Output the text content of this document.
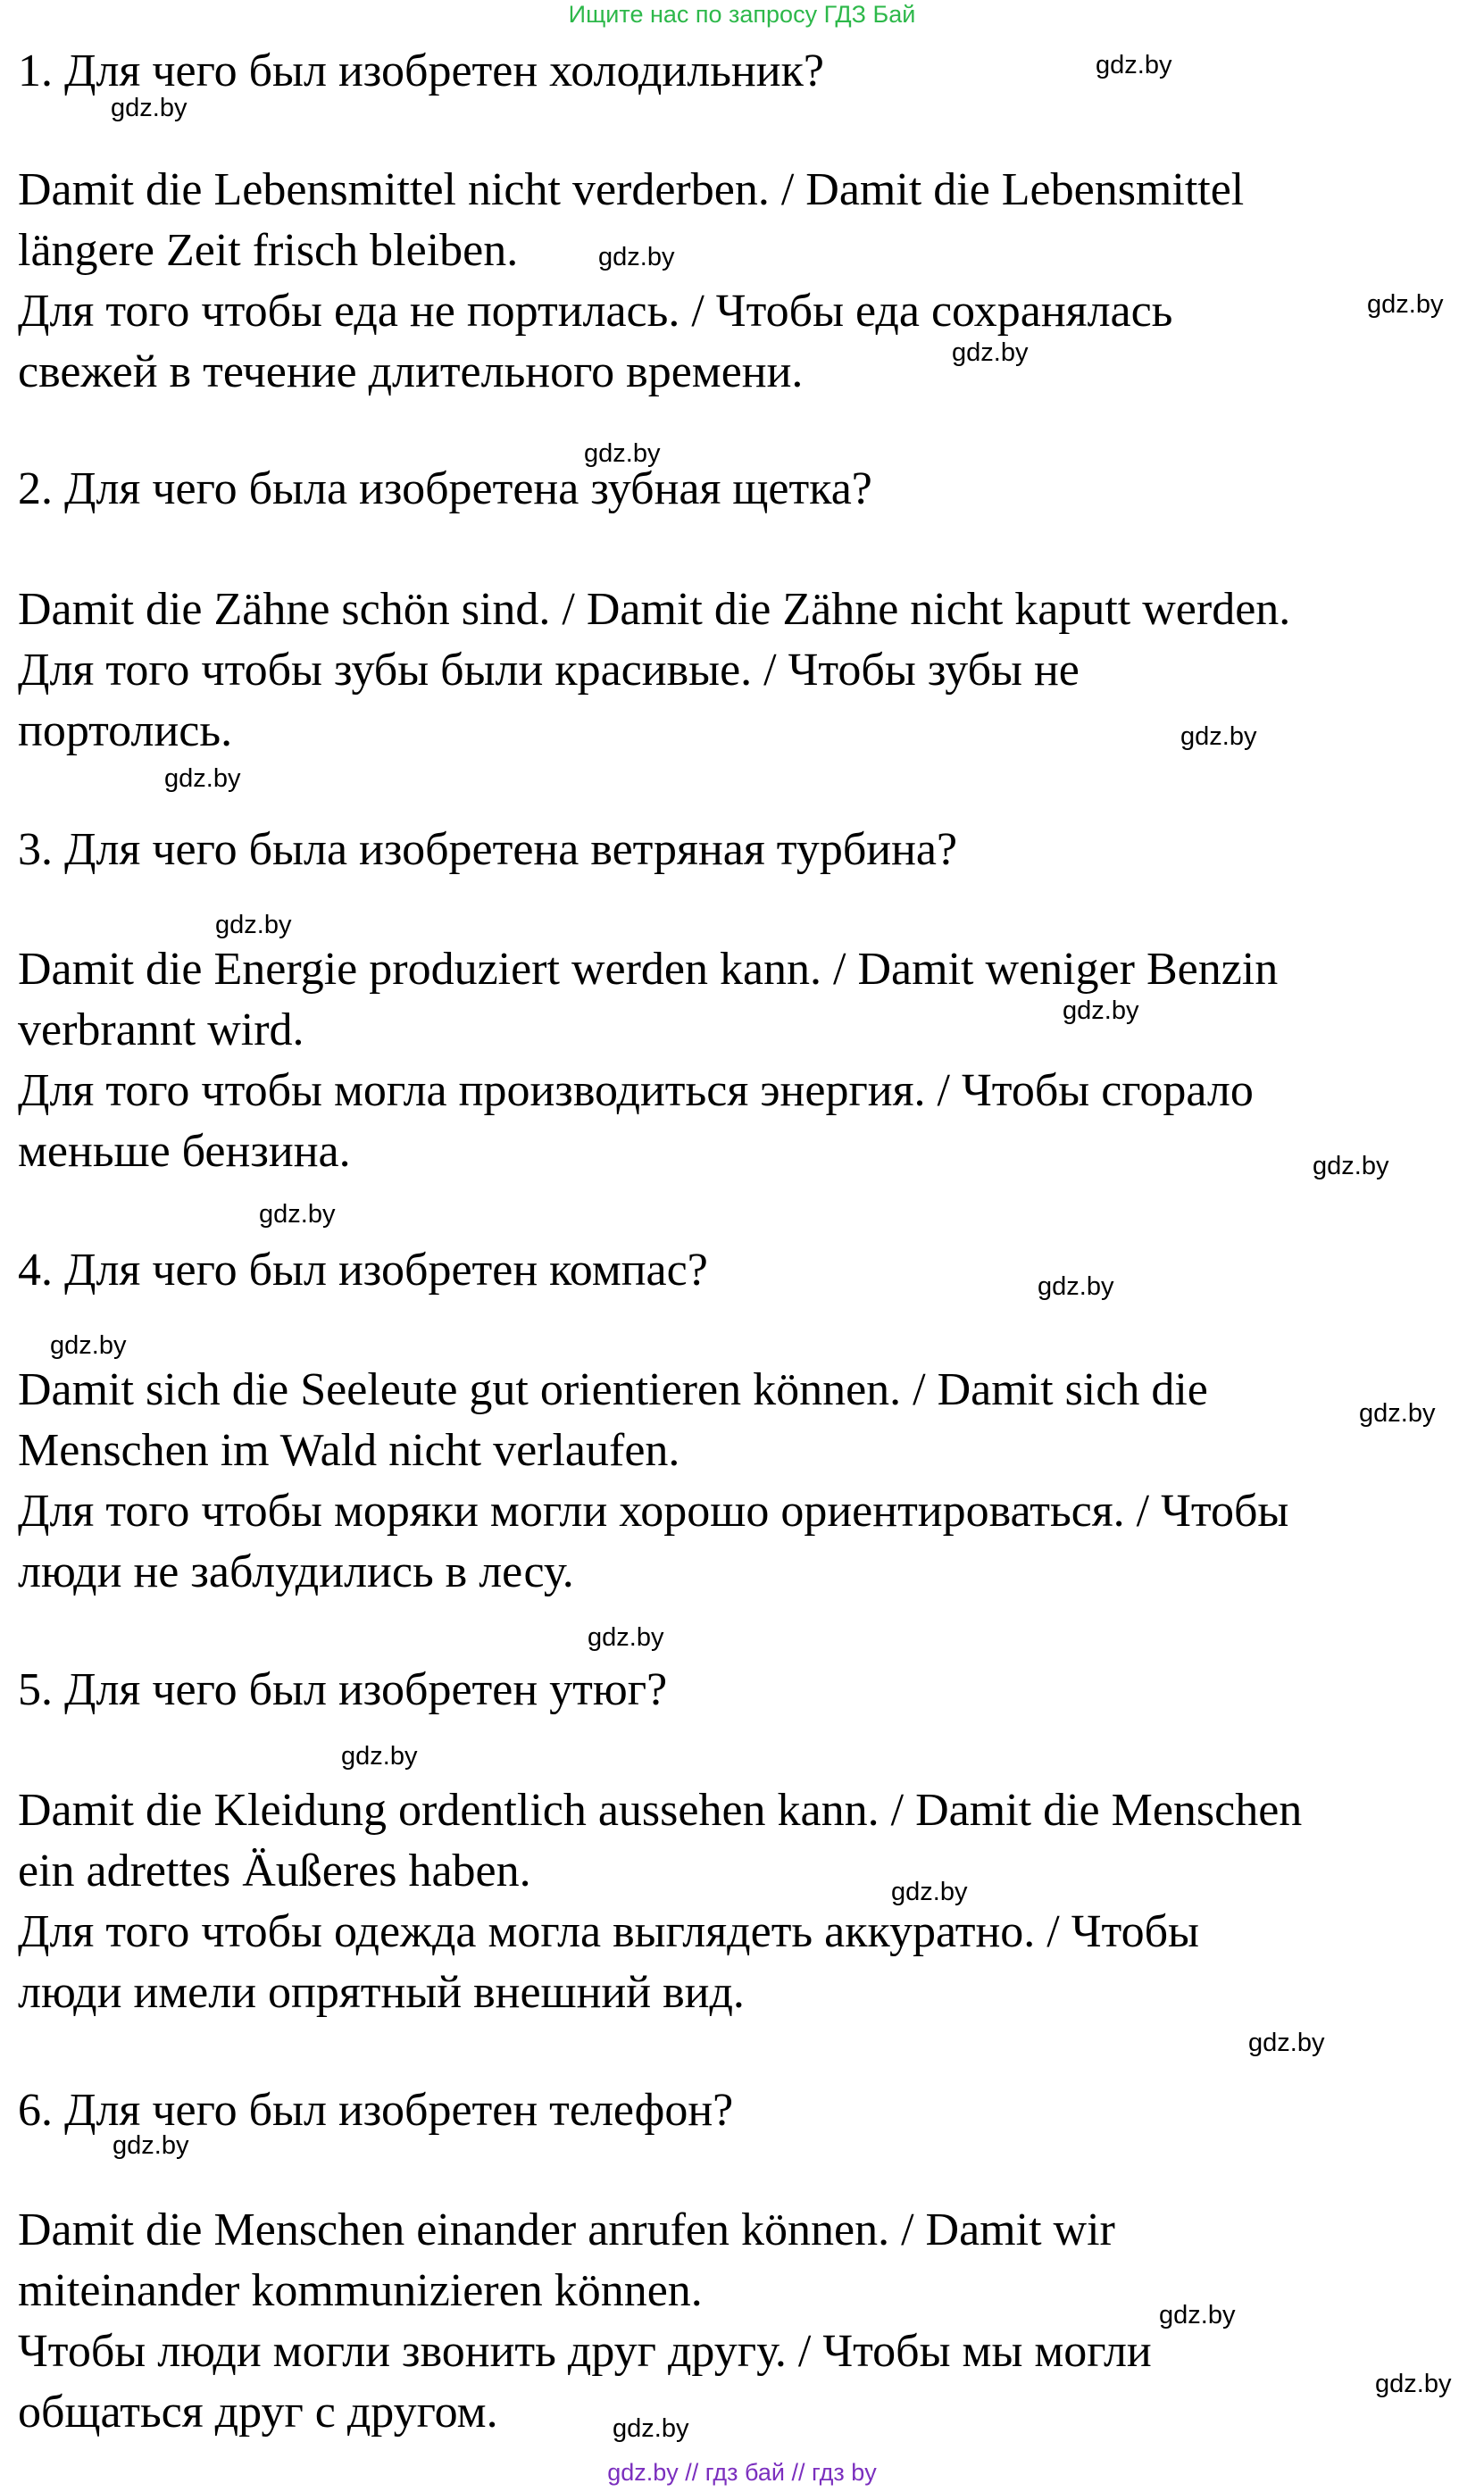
Ищите нас по запросу ГДЗ Бай
1. Для чего был изобретен холодильник?
Damit die Lebensmittel nicht verderben. / Damit die Lebensmittel
längere Zeit frisch bleiben.
Для того чтобы еда не портилась. / Чтобы еда сохранялась
свежей в течение длительного времени.
2. Для чего была изобретена зубная щетка?
Damit die Zähne schön sind. / Damit die Zähne nicht kaputt werden.
Для того чтобы зубы были красивые. / Чтобы зубы не
портолись.
3. Для чего была изобретена ветряная турбина?
Damit die Energie produziert werden kann. / Damit weniger Benzin
verbrannt wird.
Для того чтобы могла производиться энергия. / Чтобы сгорало
меньше бензина.
4. Для чего был изобретен компас?
Damit sich die Seeleute gut orientieren können. / Damit sich die
Menschen im Wald nicht verlaufen.
Для того чтобы моряки могли хорошо ориентироваться. / Чтобы
люди не заблудились в лесу.
5. Для чего был изобретен утюг?
Damit die Kleidung ordentlich aussehen kann. / Damit die Menschen
ein adrettes Äußeres haben.
Для того чтобы одежда могла выглядеть аккуратно. / Чтобы
люди имели опрятный внешний вид.
6. Для чего был изобретен телефон?
Damit die Menschen einander anrufen können. / Damit wir
miteinander kommunizieren können.
Чтобы люди могли звонить друг другу. / Чтобы мы могли
общаться друг с другом.
gdz.by
gdz.by
gdz.by
gdz.by
gdz.by
gdz.by
gdz.by
gdz.by
gdz.by
gdz.by
gdz.by
gdz.by
gdz.by
gdz.by
gdz.by
gdz.by
gdz.by
gdz.by
gdz.by
gdz.by
gdz.by
gdz.by
gdz.by
gdz.by // гдз бай // гдз by
